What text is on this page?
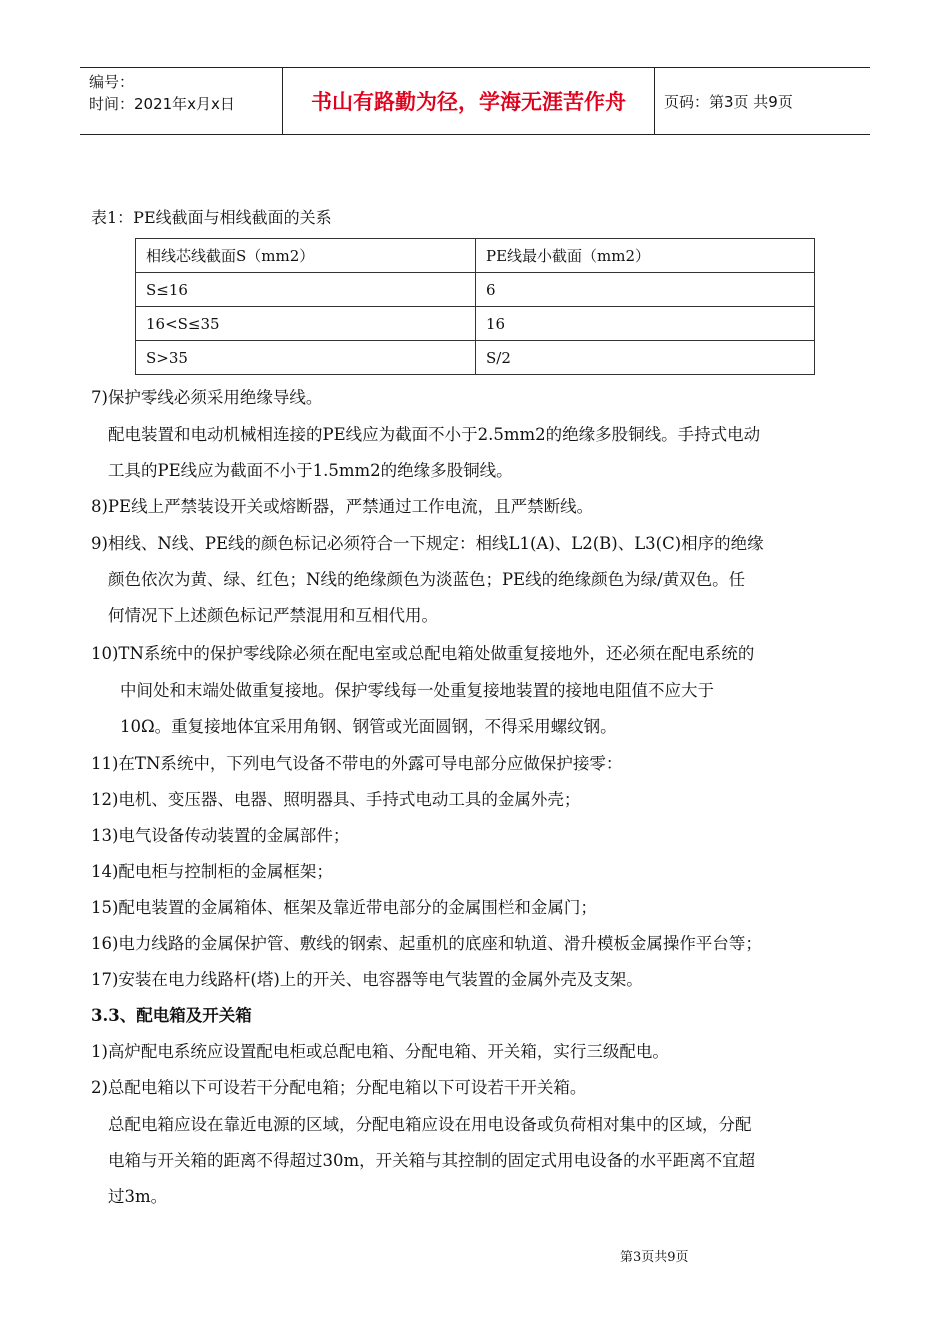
编号：
时间：2021年x月x日	书山有路勤为径，学海无涯苦作舟	页码：第3页 共9页
表1：PE线截面与相线截面的关系
相线芯线截面S（mm2）	PE线最小截面（mm2）
S≤16	6
16<S≤35	16
S>35	S/2
7)保护零线必须采用绝缘导线。
配电装置和电动机械相连接的PE线应为截面不小于2.5mm2的绝缘多股铜线。手持式电动
工具的PE线应为截面不小于1.5mm2的绝缘多股铜线。
8)PE线上严禁装设开关或熔断器，严禁通过工作电流，且严禁断线。
9)相线、N线、PE线的颜色标记必须符合一下规定：相线L1(A)、L2(B)、L3(C)相序的绝缘
颜色依次为黄、绿、红色；N线的绝缘颜色为淡蓝色；PE线的绝缘颜色为绿/黄双色。任
何情况下上述颜色标记严禁混用和互相代用。
10)TN系统中的保护零线除必须在配电室或总配电箱处做重复接地外，还必须在配电系统的
中间处和末端处做重复接地。保护零线每一处重复接地装置的接地电阻值不应大于
10Ω。重复接地体宜采用角钢、钢管或光面圆钢，不得采用螺纹钢。
11)在TN系统中，下列电气设备不带电的外露可导电部分应做保护接零：
12)电机、变压器、电器、照明器具、手持式电动工具的金属外壳；
13)电气设备传动装置的金属部件；
14)配电柜与控制柜的金属框架；
15)配电装置的金属箱体、框架及靠近带电部分的金属围栏和金属门；
16)电力线路的金属保护管、敷线的钢索、起重机的底座和轨道、滑升模板金属操作平台等；
17)安装在电力线路杆(塔)上的开关、电容器等电气装置的金属外壳及支架。
3.3、配电箱及开关箱
1)高炉配电系统应设置配电柜或总配电箱、分配电箱、开关箱，实行三级配电。
2)总配电箱以下可设若干分配电箱；分配电箱以下可设若干开关箱。
总配电箱应设在靠近电源的区域，分配电箱应设在用电设备或负荷相对集中的区域，分配
电箱与开关箱的距离不得超过30m，开关箱与其控制的固定式用电设备的水平距离不宜超
过3m。
第3页共9页
